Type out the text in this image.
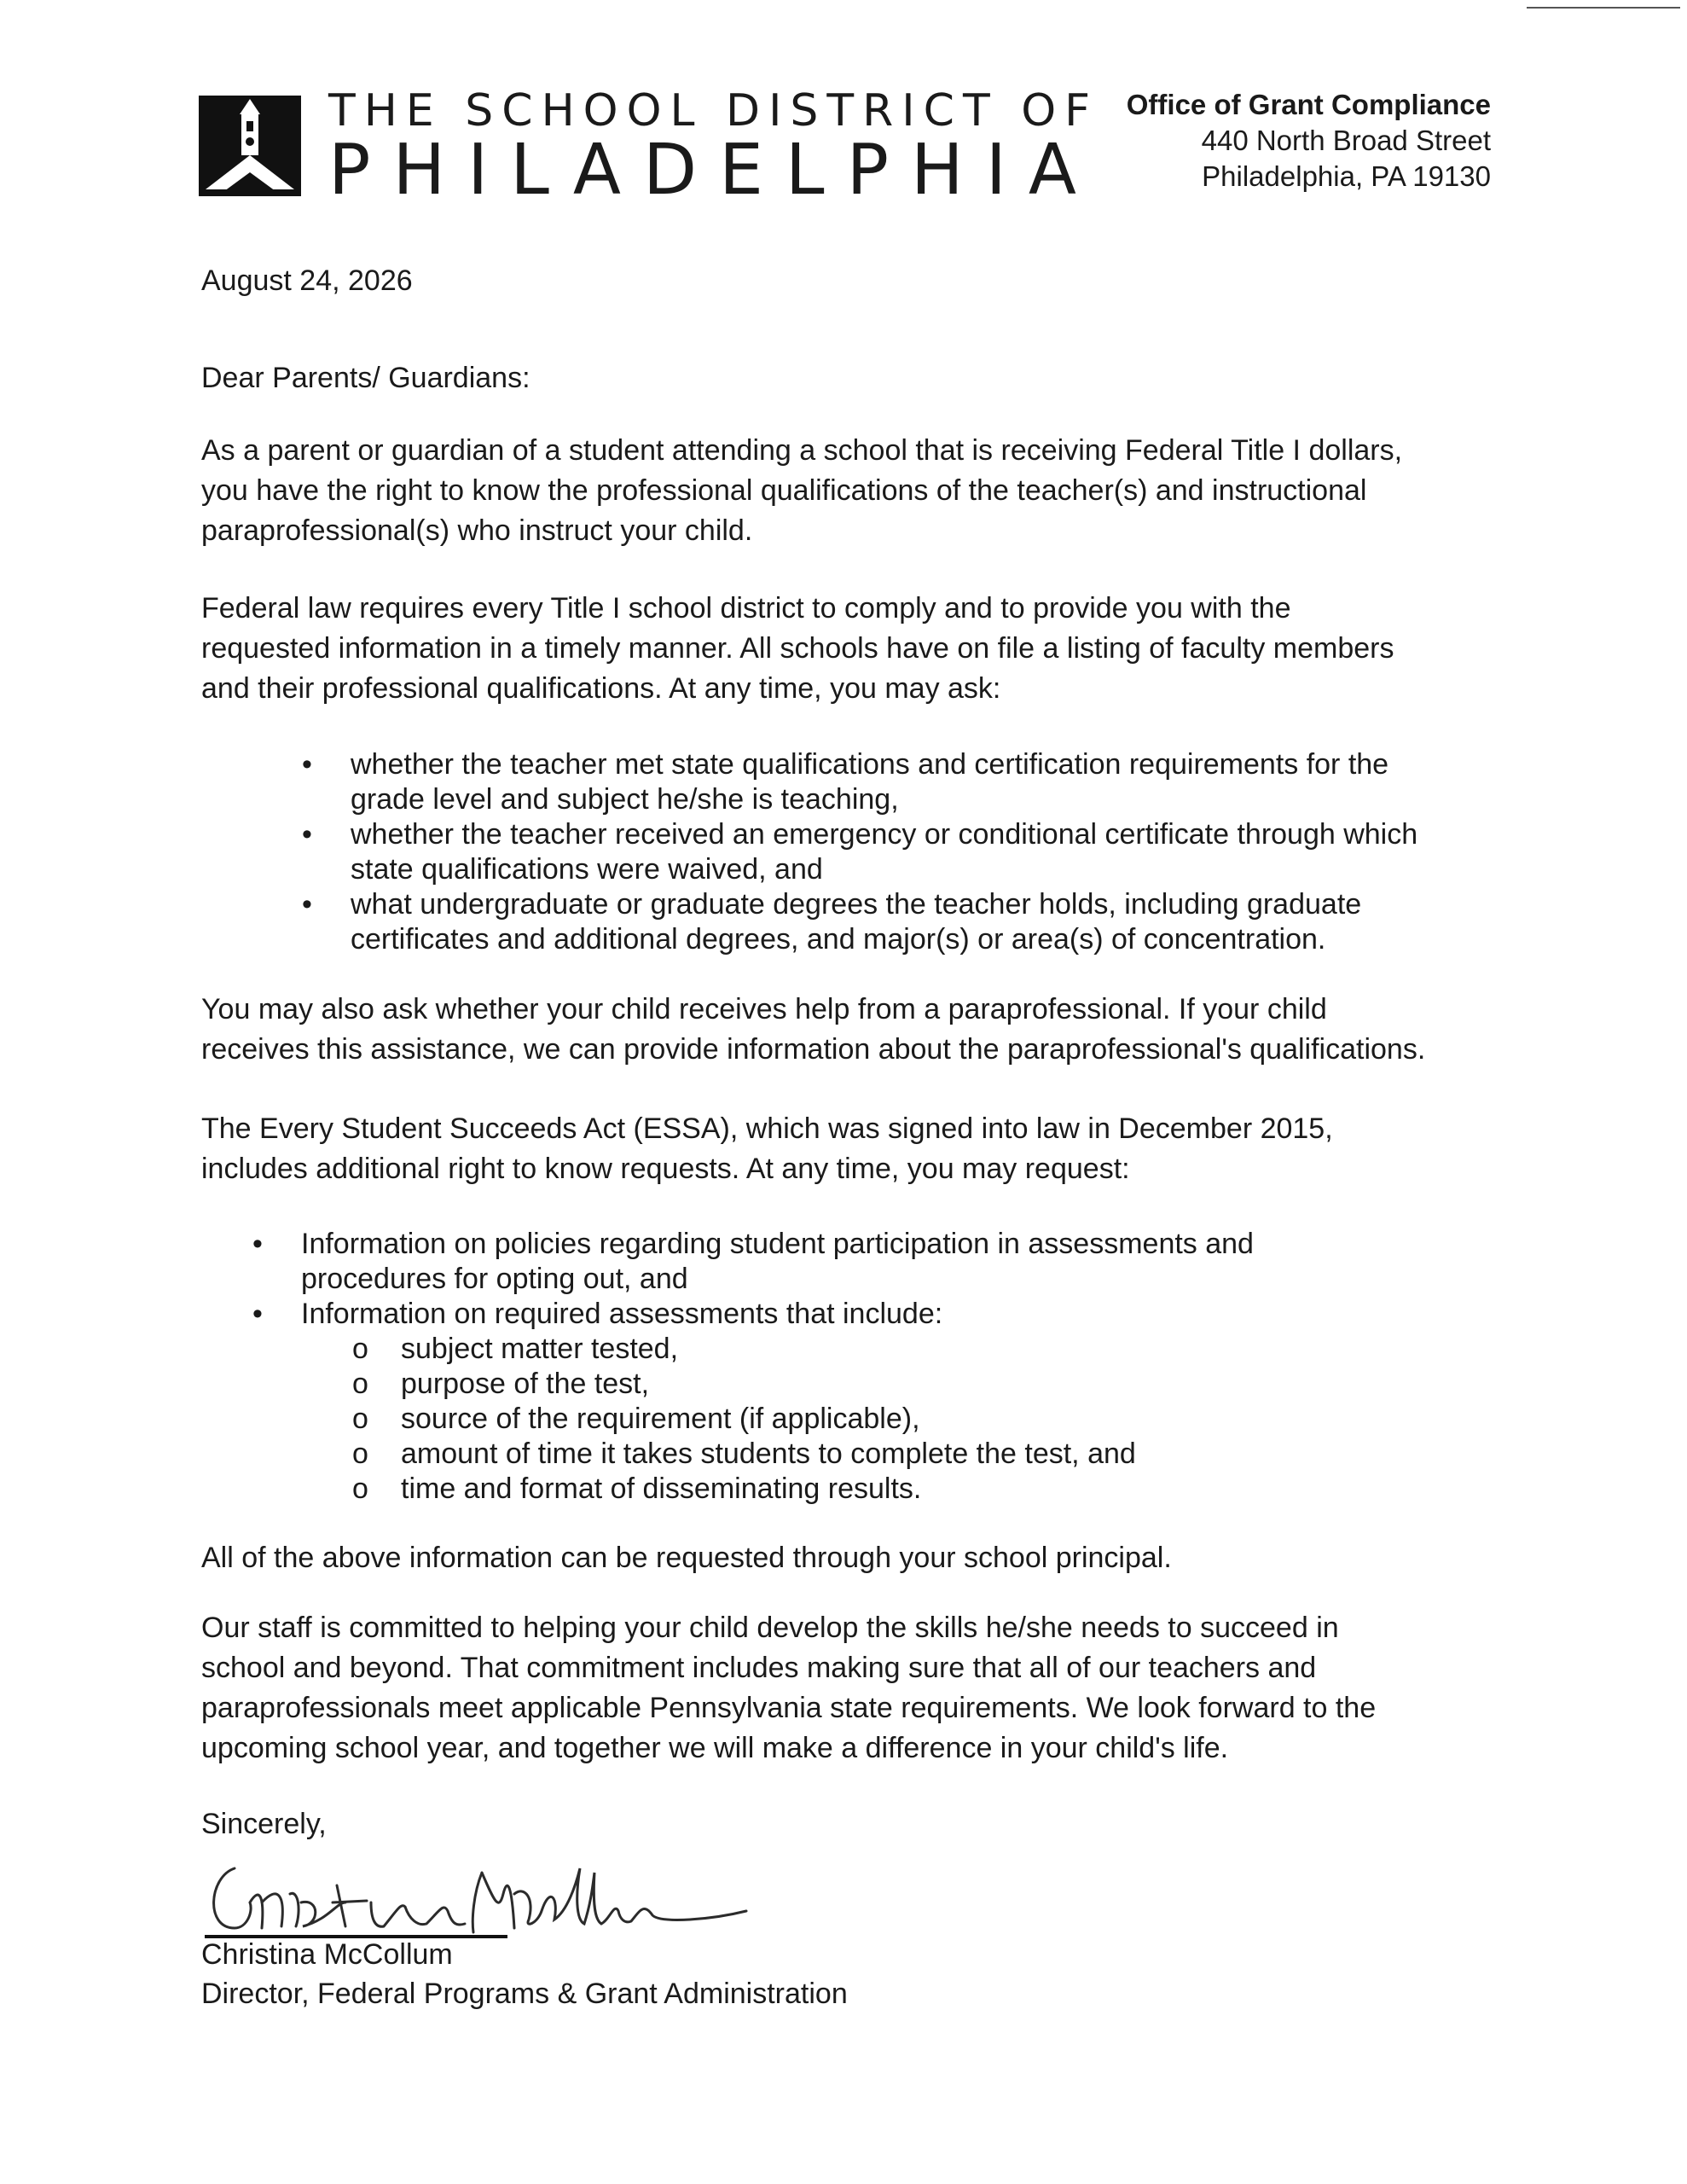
THE SCHOOL DISTRICT OF
PHILADELPHIA
Office of Grant Compliance
440 North Broad Street
Philadelphia, PA 19130
August 24, 2026
Dear Parents/ Guardians:
As a parent or guardian of a student attending a school that is receiving Federal Title I dollars,
you have the right to know the professional qualifications of the teacher(s) and instructional
paraprofessional(s) who instruct your child.
Federal law requires every Title I school district to comply and to provide you with the
requested information in a timely manner. All schools have on file a listing of faculty members
and their professional qualifications. At any time, you may ask:
• whether the teacher met state qualifications and certification requirements for the
grade level and subject he/she is teaching,
• whether the teacher received an emergency or conditional certificate through which
state qualifications were waived, and
• what undergraduate or graduate degrees the teacher holds, including graduate
certificates and additional degrees, and major(s) or area(s) of concentration.
You may also ask whether your child receives help from a paraprofessional. If your child
receives this assistance, we can provide information about the paraprofessional's qualifications.
The Every Student Succeeds Act (ESSA), which was signed into law in December 2015,
includes additional right to know requests. At any time, you may request:
• Information on policies regarding student participation in assessments and
procedures for opting out, and
• Information on required assessments that include:
o subject matter tested,
o purpose of the test,
o source of the requirement (if applicable),
o amount of time it takes students to complete the test, and
o time and format of disseminating results.
All of the above information can be requested through your school principal.
Our staff is committed to helping your child develop the skills he/she needs to succeed in
school and beyond. That commitment includes making sure that all of our teachers and
paraprofessionals meet applicable Pennsylvania state requirements. We look forward to the
upcoming school year, and together we will make a difference in your child's life.
Sincerely,
Christina McCollum
Director, Federal Programs & Grant Administration
